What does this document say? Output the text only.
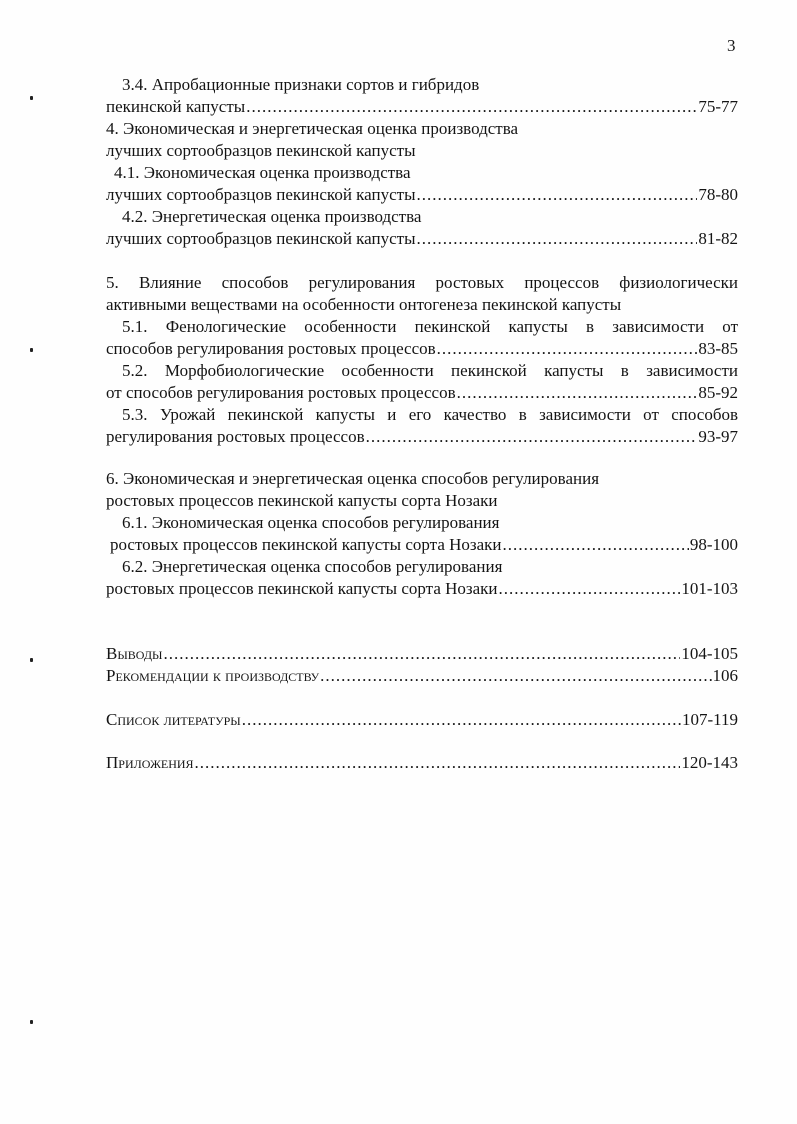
3
3.4. Апробационные признаки сортов и гибридов
пекинской капусты .....	75-77
4. Экономическая и энергетическая оценка производства
лучших сортообразцов пекинской капусты
4.1. Экономическая оценка производства
лучших сортообразцов пекинской капусты .....	78-80
4.2. Энергетическая оценка производства
лучших сортообразцов пекинской капусты .....	81-82
5. Влияние способов регулирования ростовых процессов физиологически
активными веществами на особенности онтогенеза пекинской капусты
5.1. Фенологические особенности пекинской капусты в зависимости от
способов регулирования ростовых процессов .....	83-85
5.2. Морфобиологические особенности пекинской капусты в зависимости
от способов регулирования ростовых процессов .....	85-92
5.3. Урожай пекинской капусты и его качество в зависимости от способов
регулирования ростовых процессов .....	93-97
6. Экономическая и энергетическая оценка способов регулирования
ростовых процессов пекинской капусты сорта Нозаки
6.1. Экономическая оценка способов регулирования
ростовых процессов пекинской капусты сорта Нозаки .....	98-100
6.2. Энергетическая оценка способов регулирования
ростовых процессов пекинской капусты сорта Нозаки .....	101-103
Выводы .....	104-105
Рекомендации к производству .....	106
Список литературы .....	107-119
Приложения .....	120-143
